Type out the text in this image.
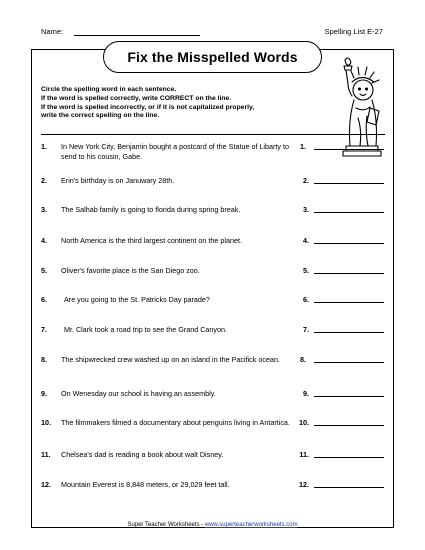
Name:	Spelling List E-27
Fix the Misspelled Words
Circle the spelling word in each sentence.
If the word is spelled correctly, write CORRECT on the line.
If the word is spelled incorrectly, or if it is not capitalized properly,
write the correct spelling on the line.
1. In New York City, Benjamin bought a postcard of the Statue of Libarty to send to his cousin, Gabe.
1.
2. Erin's birthday is on Januwary 28th.	2.
3. The Salhab family is going to florida during spring break.	3.
4. North America is the third largest continent on the planet.	4.
5. Oliver's favorite place is the San Diego zoo.	5.
6. Are you going to the St. Patricks Day parade?	6.
7. Mr. Clark took a road trip to see the Grand Canyon.	7.
8. The shipwrecked crew washed up on an island in the Pacifick ocean.	8.
9. On Wenesday our school is having an assembly.	9.
10. The filmmakers filmed a documentary about penguins living in Antartica.	10.
11. Chelsea's dad is reading a book about walt Disney.	11.
12. Mountain Everest is 8,848 meters, or 29,029 feet tall.	12.
Super Teacher Worksheets - www.superteacherworksheets.com
